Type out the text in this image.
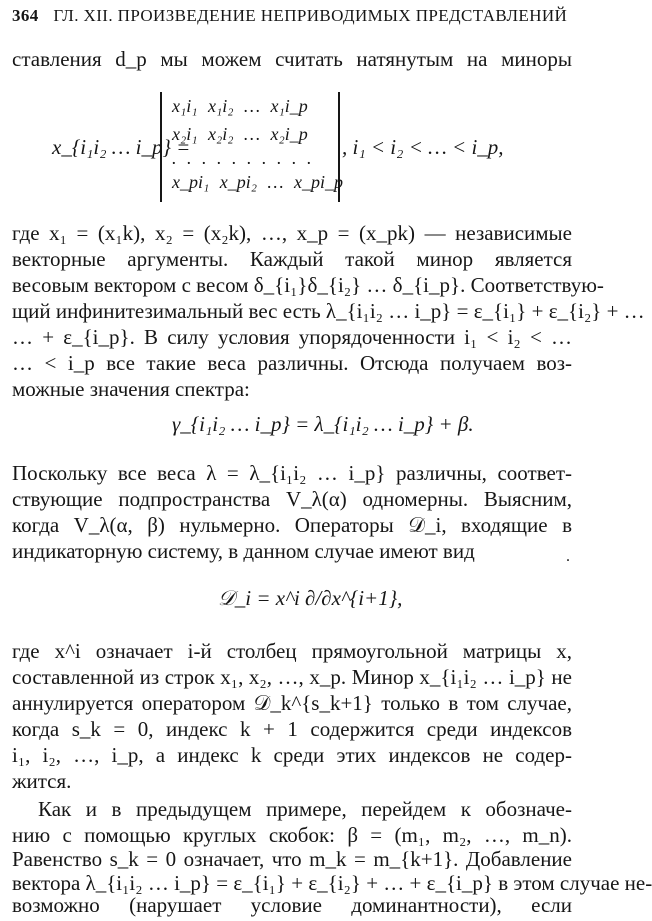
364 ГЛ. XII. ПРОИЗВЕДЕНИЕ НЕПРИВОДИМЫХ ПРЕДСТАВЛЕНИЙ
ставления d_p мы можем считать натянутым на миноры
x_{i₁i₂ … i_p} =
x₁i₁ x₁i₂ … x₁i_p
x₂i₁ x₂i₂ … x₂i_p
. . . . . . . . . .
x_pi₁ x_pi₂ … x_pi_p
, i₁ < i₂ < … < i_p,
где x₁ = (x₁k), x₂ = (x₂k), …, x_p = (x_pk) — независимые
векторные аргументы. Каждый такой минор является
весовым вектором с весом δ_{i₁}δ_{i₂} … δ_{i_p}. Соответствую-
щий инфинитезимальный вес есть λ_{i₁i₂ … i_p} = ε_{i₁} + ε_{i₂} + …
… + ε_{i_p}. В силу условия упорядоченности i₁ < i₂ < …
… < i_p все такие веса различны. Отсюда получаем воз-
можные значения спектра:
γ_{i₁i₂ … i_p} = λ_{i₁i₂ … i_p} + β.
Поскольку все веса λ = λ_{i₁i₂ … i_p} различны, соответ-
ствующие подпространства V_λ(α) одномерны. Выясним,
когда V_λ(α, β) нульмерно. Операторы 𝒟_i, входящие в
индикаторную систему, в данном случае имеют вид	.
𝒟_i = x^i ∂/∂x^{i+1},
где x^i означает i-й столбец прямоугольной матрицы x,
составленной из строк x₁, x₂, …, x_p. Минор x_{i₁i₂ … i_p} не
аннулируется оператором 𝒟_k^{s_k+1} только в том случае,
когда s_k = 0, индекс k + 1 содержится среди индексов
i₁, i₂, …, i_p, а индекс k среди этих индексов не содер-
жится.
Как и в предыдущем примере, перейдем к обозначе-
нию с помощью круглых скобок: β = (m₁, m₂, …, m_n).
Равенство s_k = 0 означает, что m_k = m_{k+1}. Добавление
вектора λ_{i₁i₂ … i_p} = ε_{i₁} + ε_{i₂} + … + ε_{i_p} в этом случае не-
возможно (нарушает условие доминантности), если
